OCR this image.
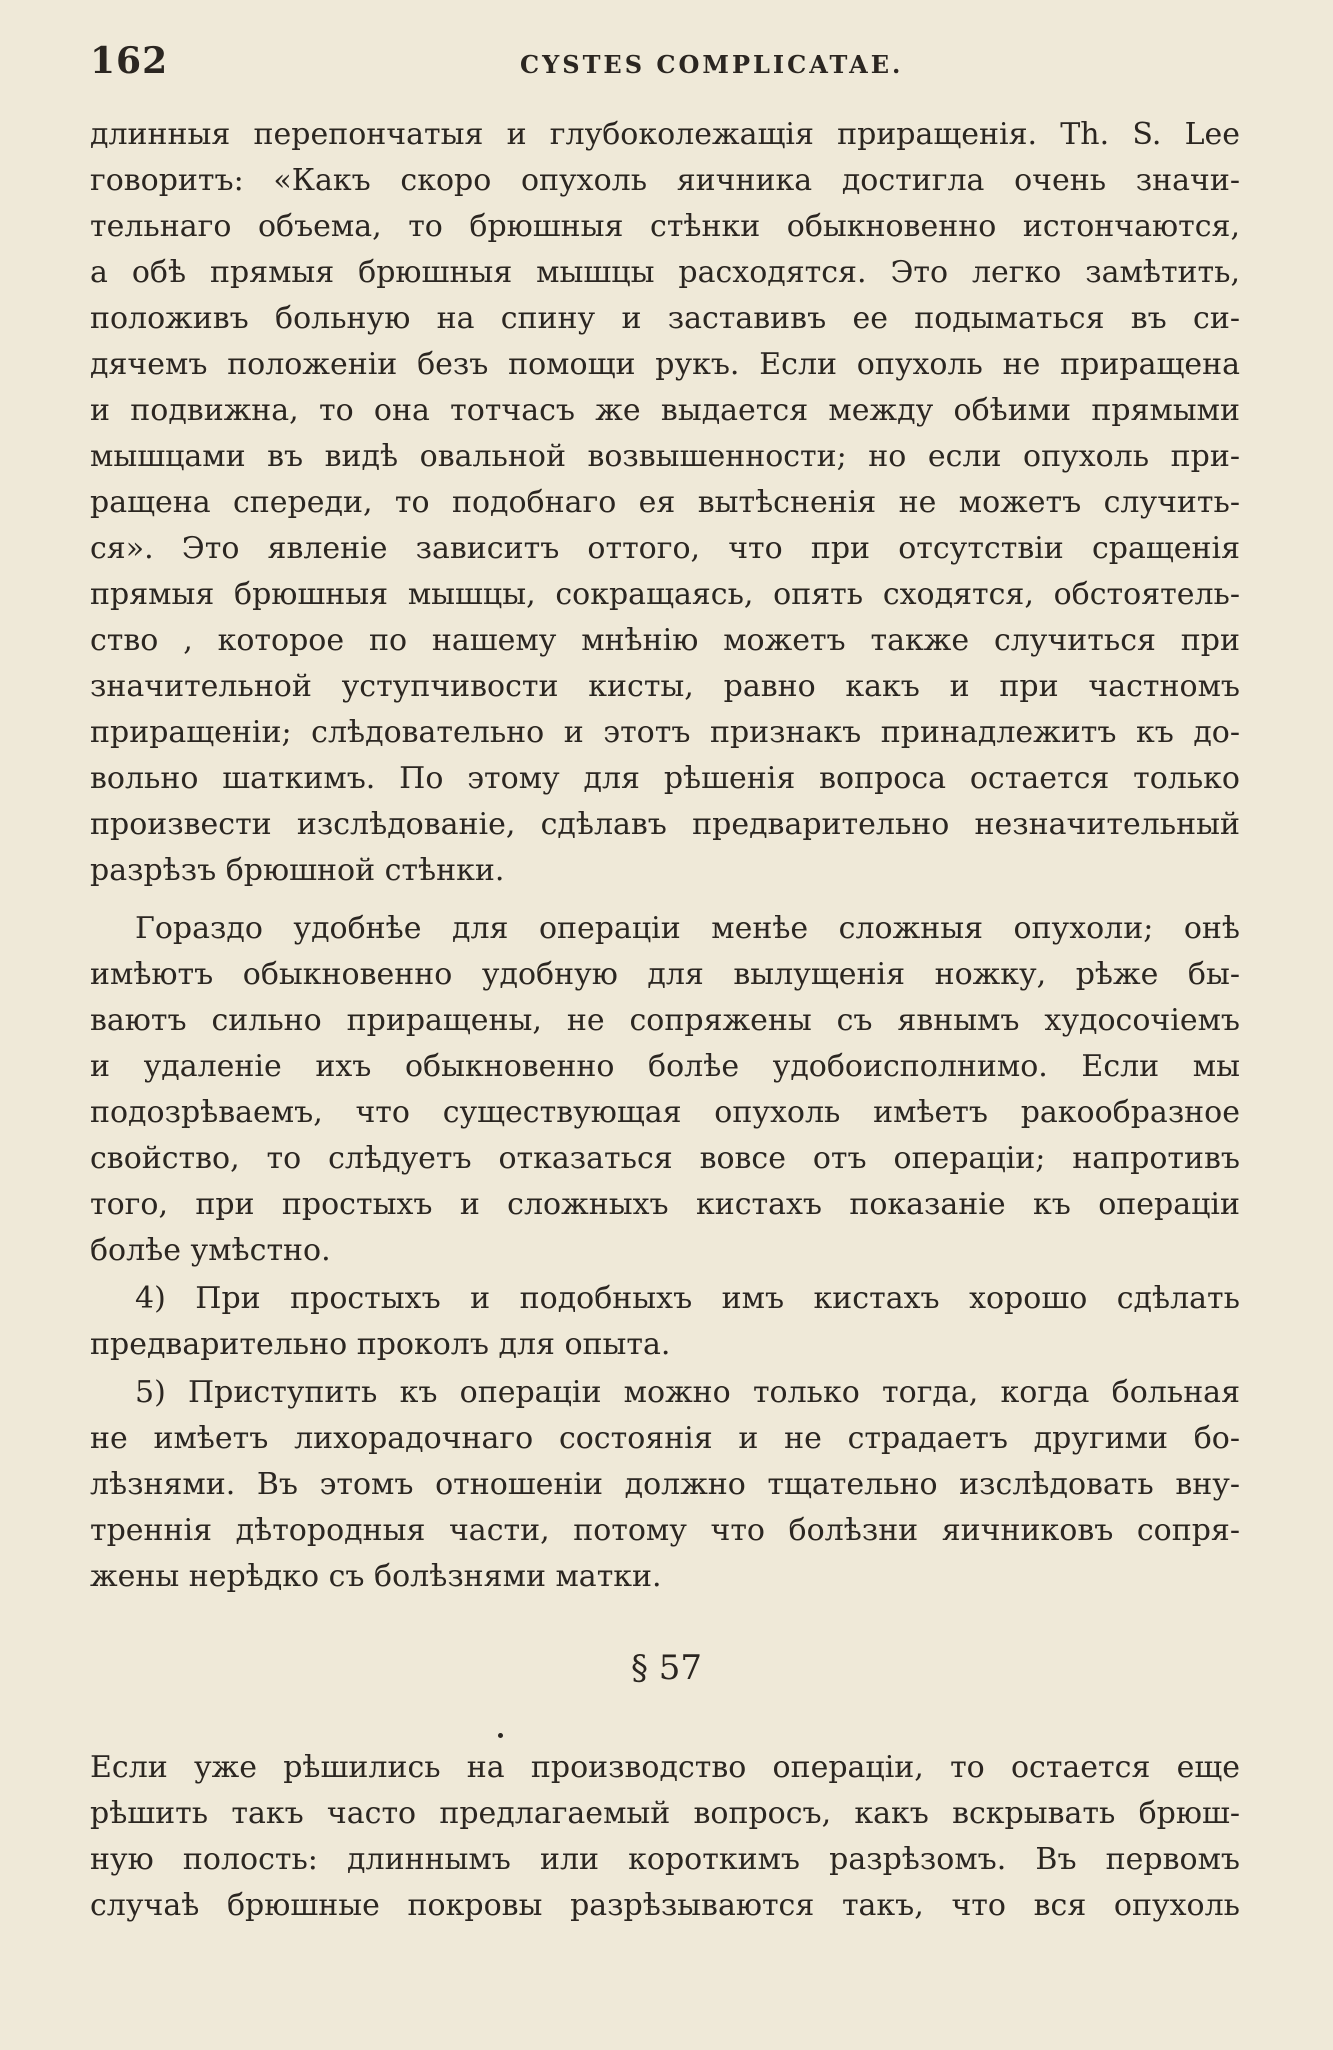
162	CYSTES COMPLICATAE.
длинныя перепончатыя и глубоколежащія приращенія. Th. S. Lee
говоритъ: «Какъ скоро опухоль яичника достигла очень значи-
тельнаго объема, то брюшныя стѣнки обыкновенно истончаются,
а обѣ прямыя брюшныя мышцы расходятся. Это легко замѣтить,
положивъ больную на спину и заставивъ ее подыматься въ си-
дячемъ положеніи безъ помощи рукъ. Если опухоль не приращена
и подвижна, то она тотчасъ же выдается между обѣими прямыми
мышцами въ видѣ овальной возвышенности; но если опухоль при-
ращена спереди, то подобнаго ея вытѣсненія не можетъ случить-
ся». Это явленіе зависитъ оттого, что при отсутствіи сращенія
прямыя брюшныя мышцы, сокращаясь, опять сходятся, обстоятель-
ство , которое по нашему мнѣнію можетъ также случиться при
значительной уступчивости кисты, равно какъ и при частномъ
приращеніи; слѣдовательно и этотъ признакъ принадлежитъ къ до-
вольно шаткимъ. По этому для рѣшенія вопроса остается только
произвести изслѣдованіе, сдѣлавъ предварительно незначительный
разрѣзъ брюшной стѣнки.
Гораздо удобнѣе для операціи менѣе сложныя опухоли; онѣ
имѣютъ обыкновенно удобную для вылущенія ножку, рѣже бы-
ваютъ сильно приращены, не сопряжены съ явнымъ худосочіемъ
и удаленіе ихъ обыкновенно болѣе удобоисполнимо. Если мы
подозрѣваемъ, что существующая опухоль имѣетъ ракообразное
свойство, то слѣдуетъ отказаться вовсе отъ операціи; напротивъ
того, при простыхъ и сложныхъ кистахъ показаніе къ операціи
болѣе умѣстно.
4) При простыхъ и подобныхъ имъ кистахъ хорошо сдѣлать
предварительно проколъ для опыта.
5) Приступить къ операціи можно только тогда, когда больная
не имѣетъ лихорадочнаго состоянія и не страдаетъ другими бо-
лѣзнями. Въ этомъ отношеніи должно тщательно изслѣдовать вну-
треннія дѣтородныя части, потому что болѣзни яичниковъ сопря-
жены нерѣдко съ болѣзнями матки.
§ 57
Если уже рѣшились на производство операціи, то остается еще
рѣшить такъ часто предлагаемый вопросъ, какъ вскрывать брюш-
ную полость: длиннымъ или короткимъ разрѣзомъ. Въ первомъ
случаѣ брюшные покровы разрѣзываются такъ, что вся опухоль
